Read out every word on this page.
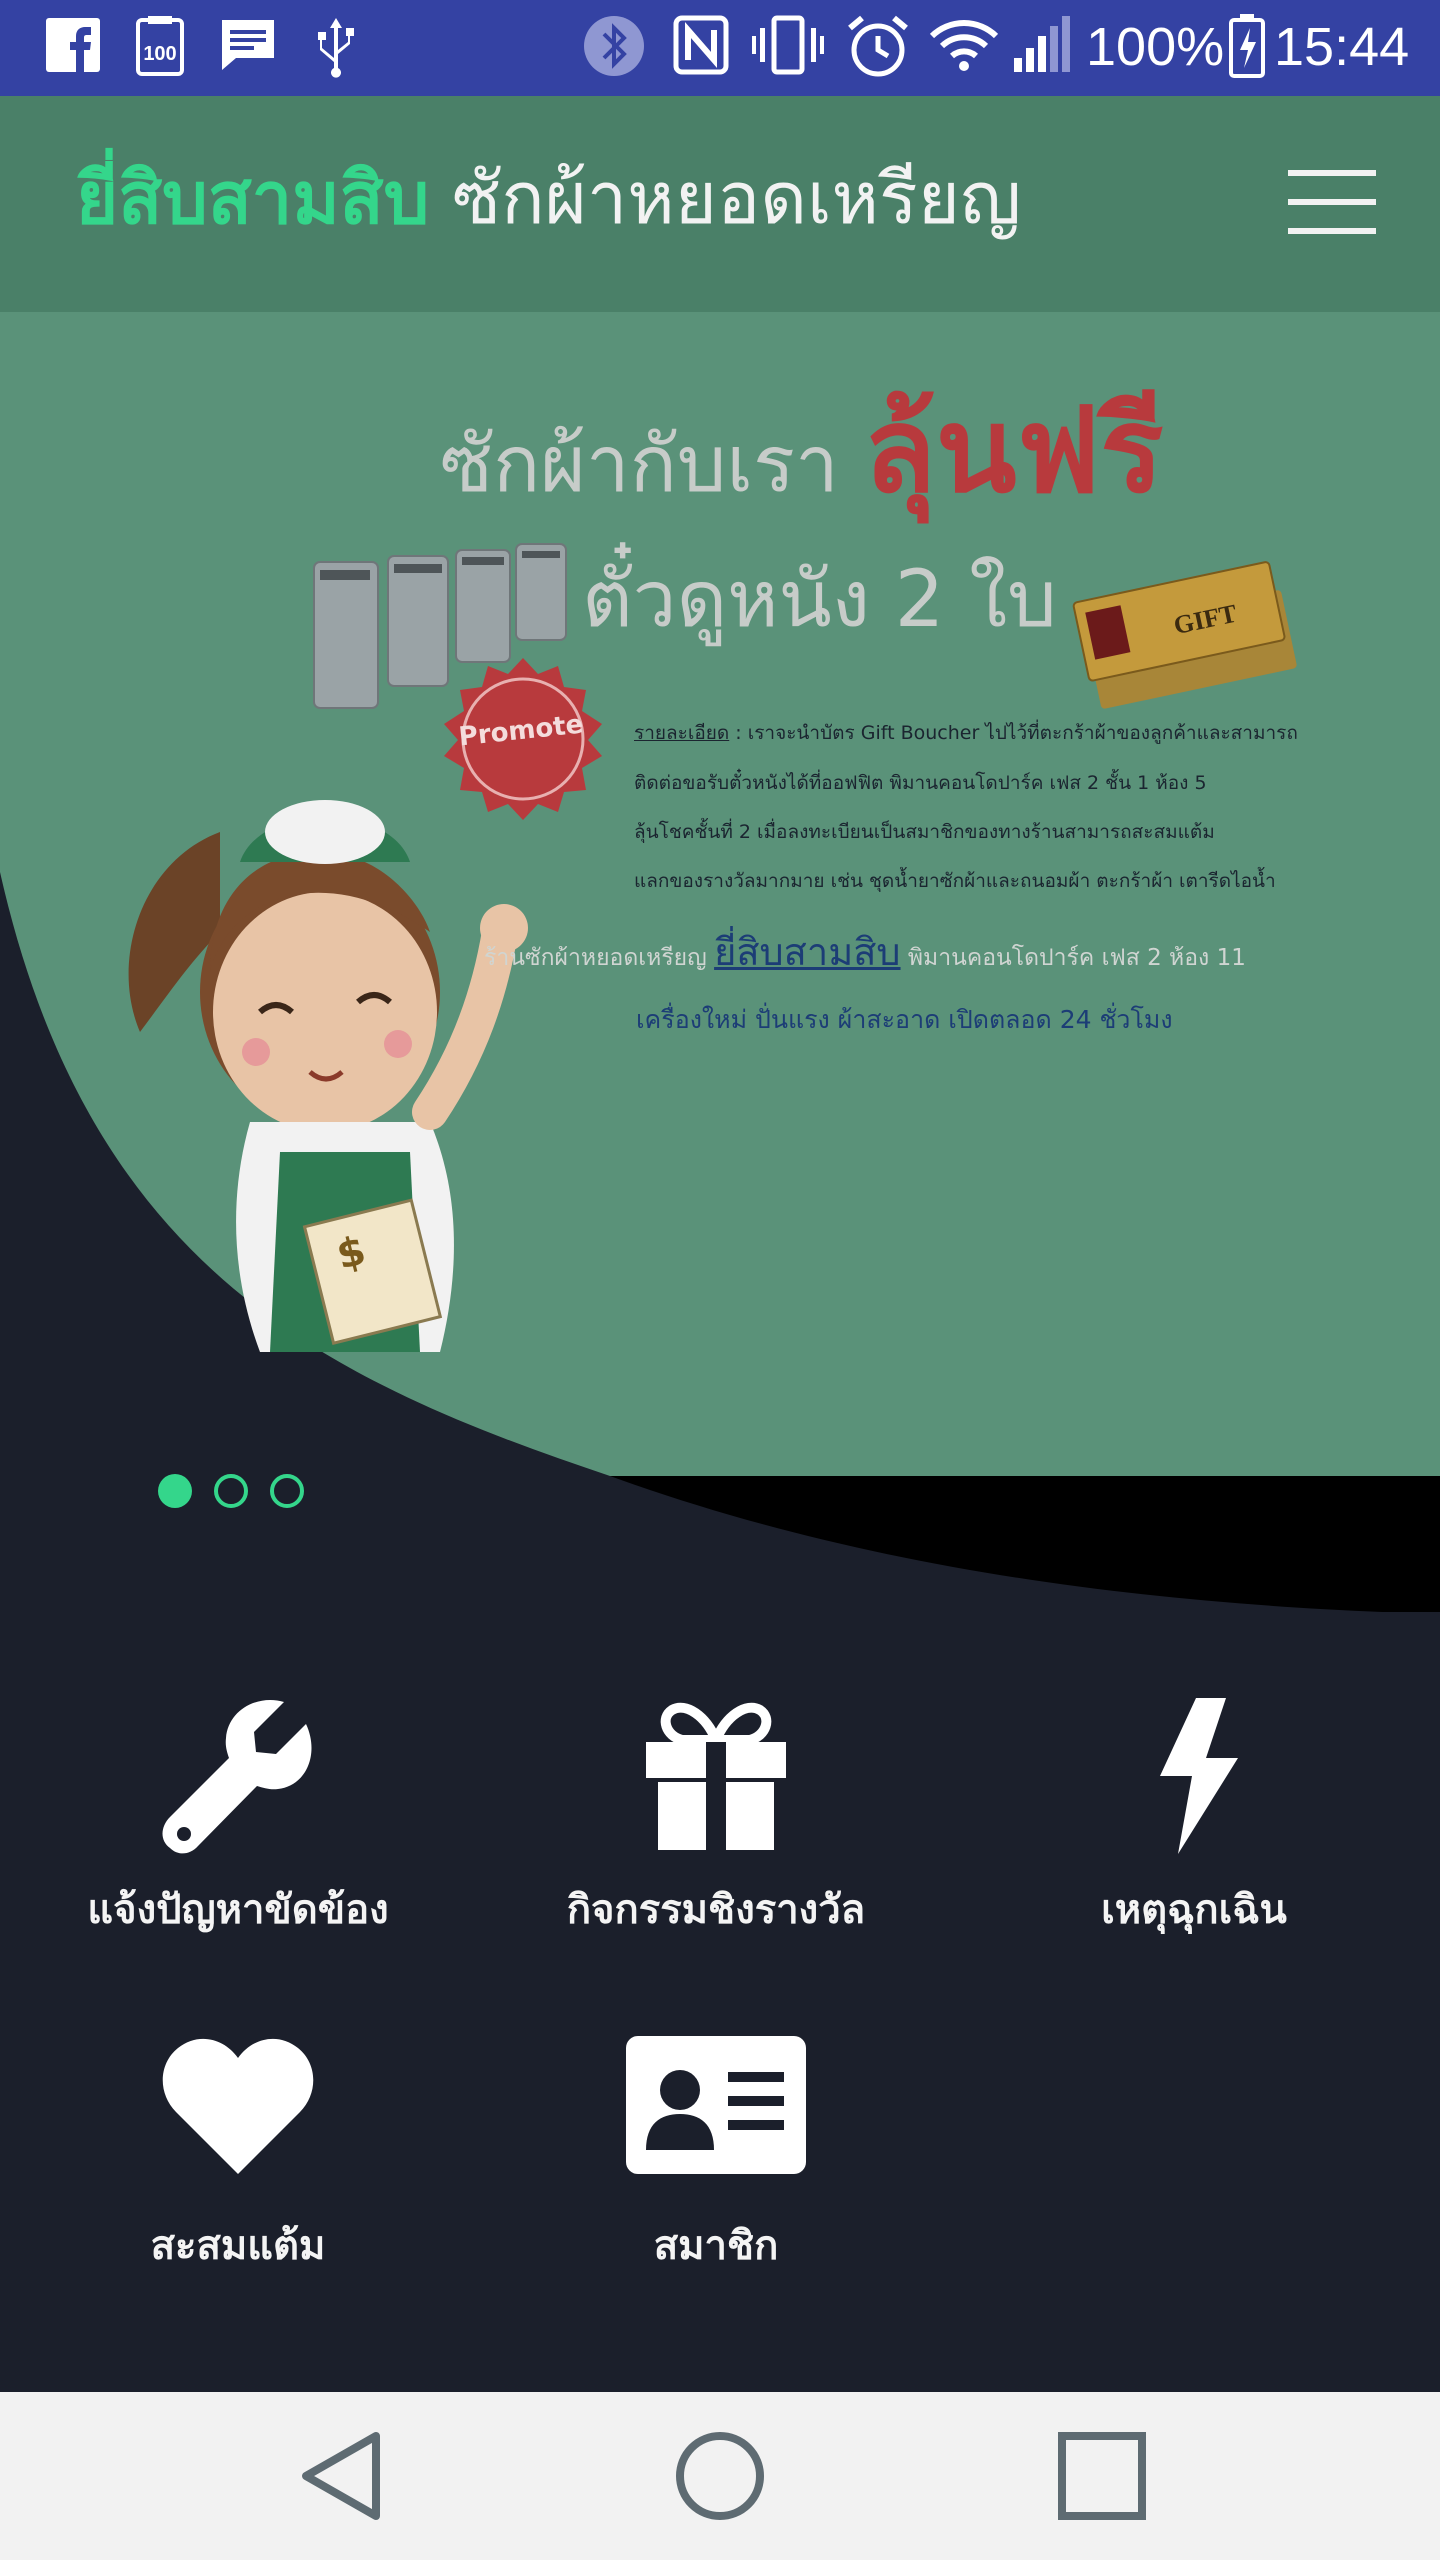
100	100% 15:44
ยี่สิบสามสิบ ซักผ้าหยอดเหรียญ
ซักผ้ากับเรา ลุ้นฟรี
ตั๋วดูหนัง 2 ใบ	GIFT
$
Promote	รายละเอียด : เราจะนำบัตร Gift Boucher ไปไว้ที่ตะกร้าผ้าของลูกค้าและสามารถ
ติดต่อขอรับตั๋วหนังได้ที่ออฟฟิต พิมานคอนโดปาร์ค เฟส 2 ชั้น 1 ห้อง 5
ลุ้นโชคชั้นที่ 2 เมื่อลงทะเบียนเป็นสมาชิกของทางร้านสามารถสะสมแต้ม
แลกของรางวัลมากมาย เช่น ชุดน้ำยาซักผ้าและถนอมผ้า ตะกร้าผ้า เตารีดไอน้ำ
ร้านซักผ้าหยอดเหรียญ ยี่สิบสามสิบ พิมานคอนโดปาร์ค เฟส 2 ห้อง 11
เครื่องใหม่ ปั่นแรง ผ้าสะอาด เปิดตลอด 24 ชั่วโมง
แจ้งปัญหาขัดข้อง	กิจกรรมชิงรางวัล	เหตุฉุกเฉิน
สะสมแต้ม	สมาชิก
